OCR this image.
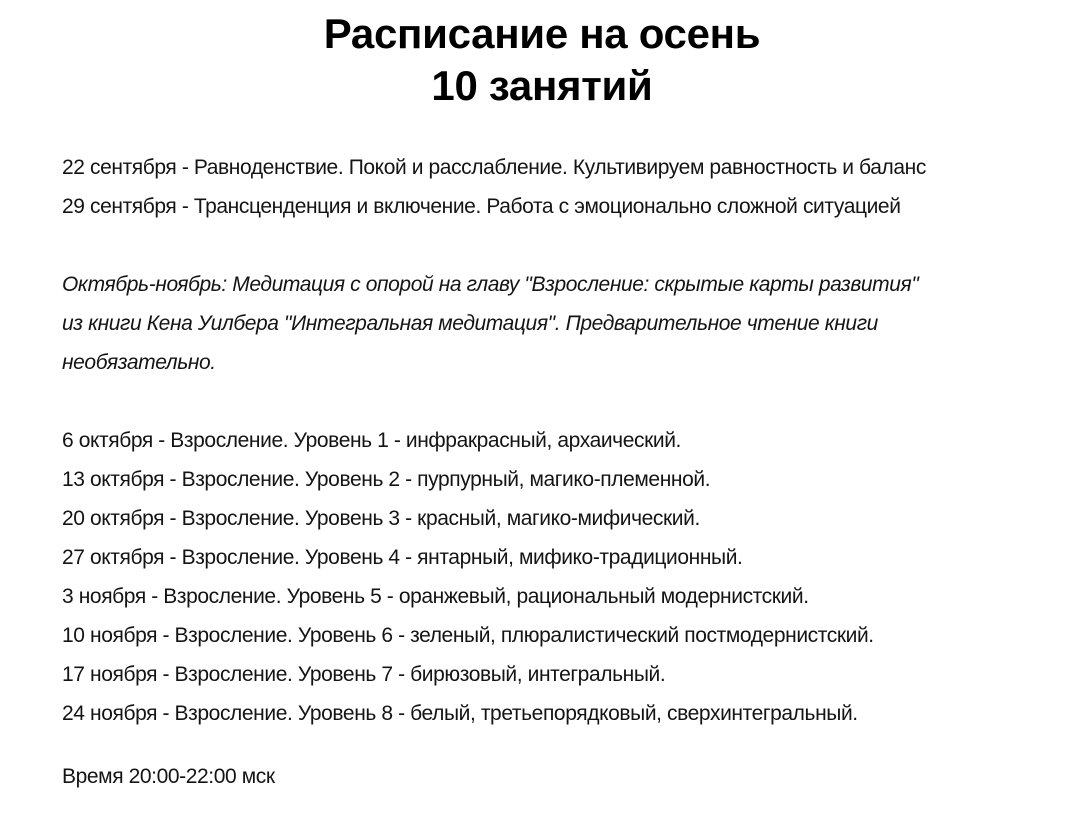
Расписание на осень
10 занятий
22 сентября - Равноденствие. Покой и расслабление. Культивируем равностность и баланс
29 сентября - Трансценденция и включение. Работа с эмоционально сложной ситуацией
Октябрь-ноябрь: Медитация с опорой на главу "Взросление: скрытые карты развития"
из книги Кена Уилбера "Интегральная медитация". Предварительное чтение книги
необязательно.
6 октября - Взросление. Уровень 1 - инфракрасный, архаический.
13 октября - Взросление. Уровень 2 - пурпурный, магико-племенной.
20 октября - Взросление. Уровень 3 - красный, магико-мифический.
27 октября - Взросление. Уровень 4 - янтарный, мифико-традиционный.
3 ноября - Взросление. Уровень 5 - оранжевый, рациональный модернистский.
10 ноября - Взросление. Уровень 6 - зеленый, плюралистический постмодернистский.
17 ноября - Взросление. Уровень 7 - бирюзовый, интегральный.
24 ноября - Взросление. Уровень 8 - белый, третьепорядковый, сверхинтегральный.
Время 20:00-22:00 мск
